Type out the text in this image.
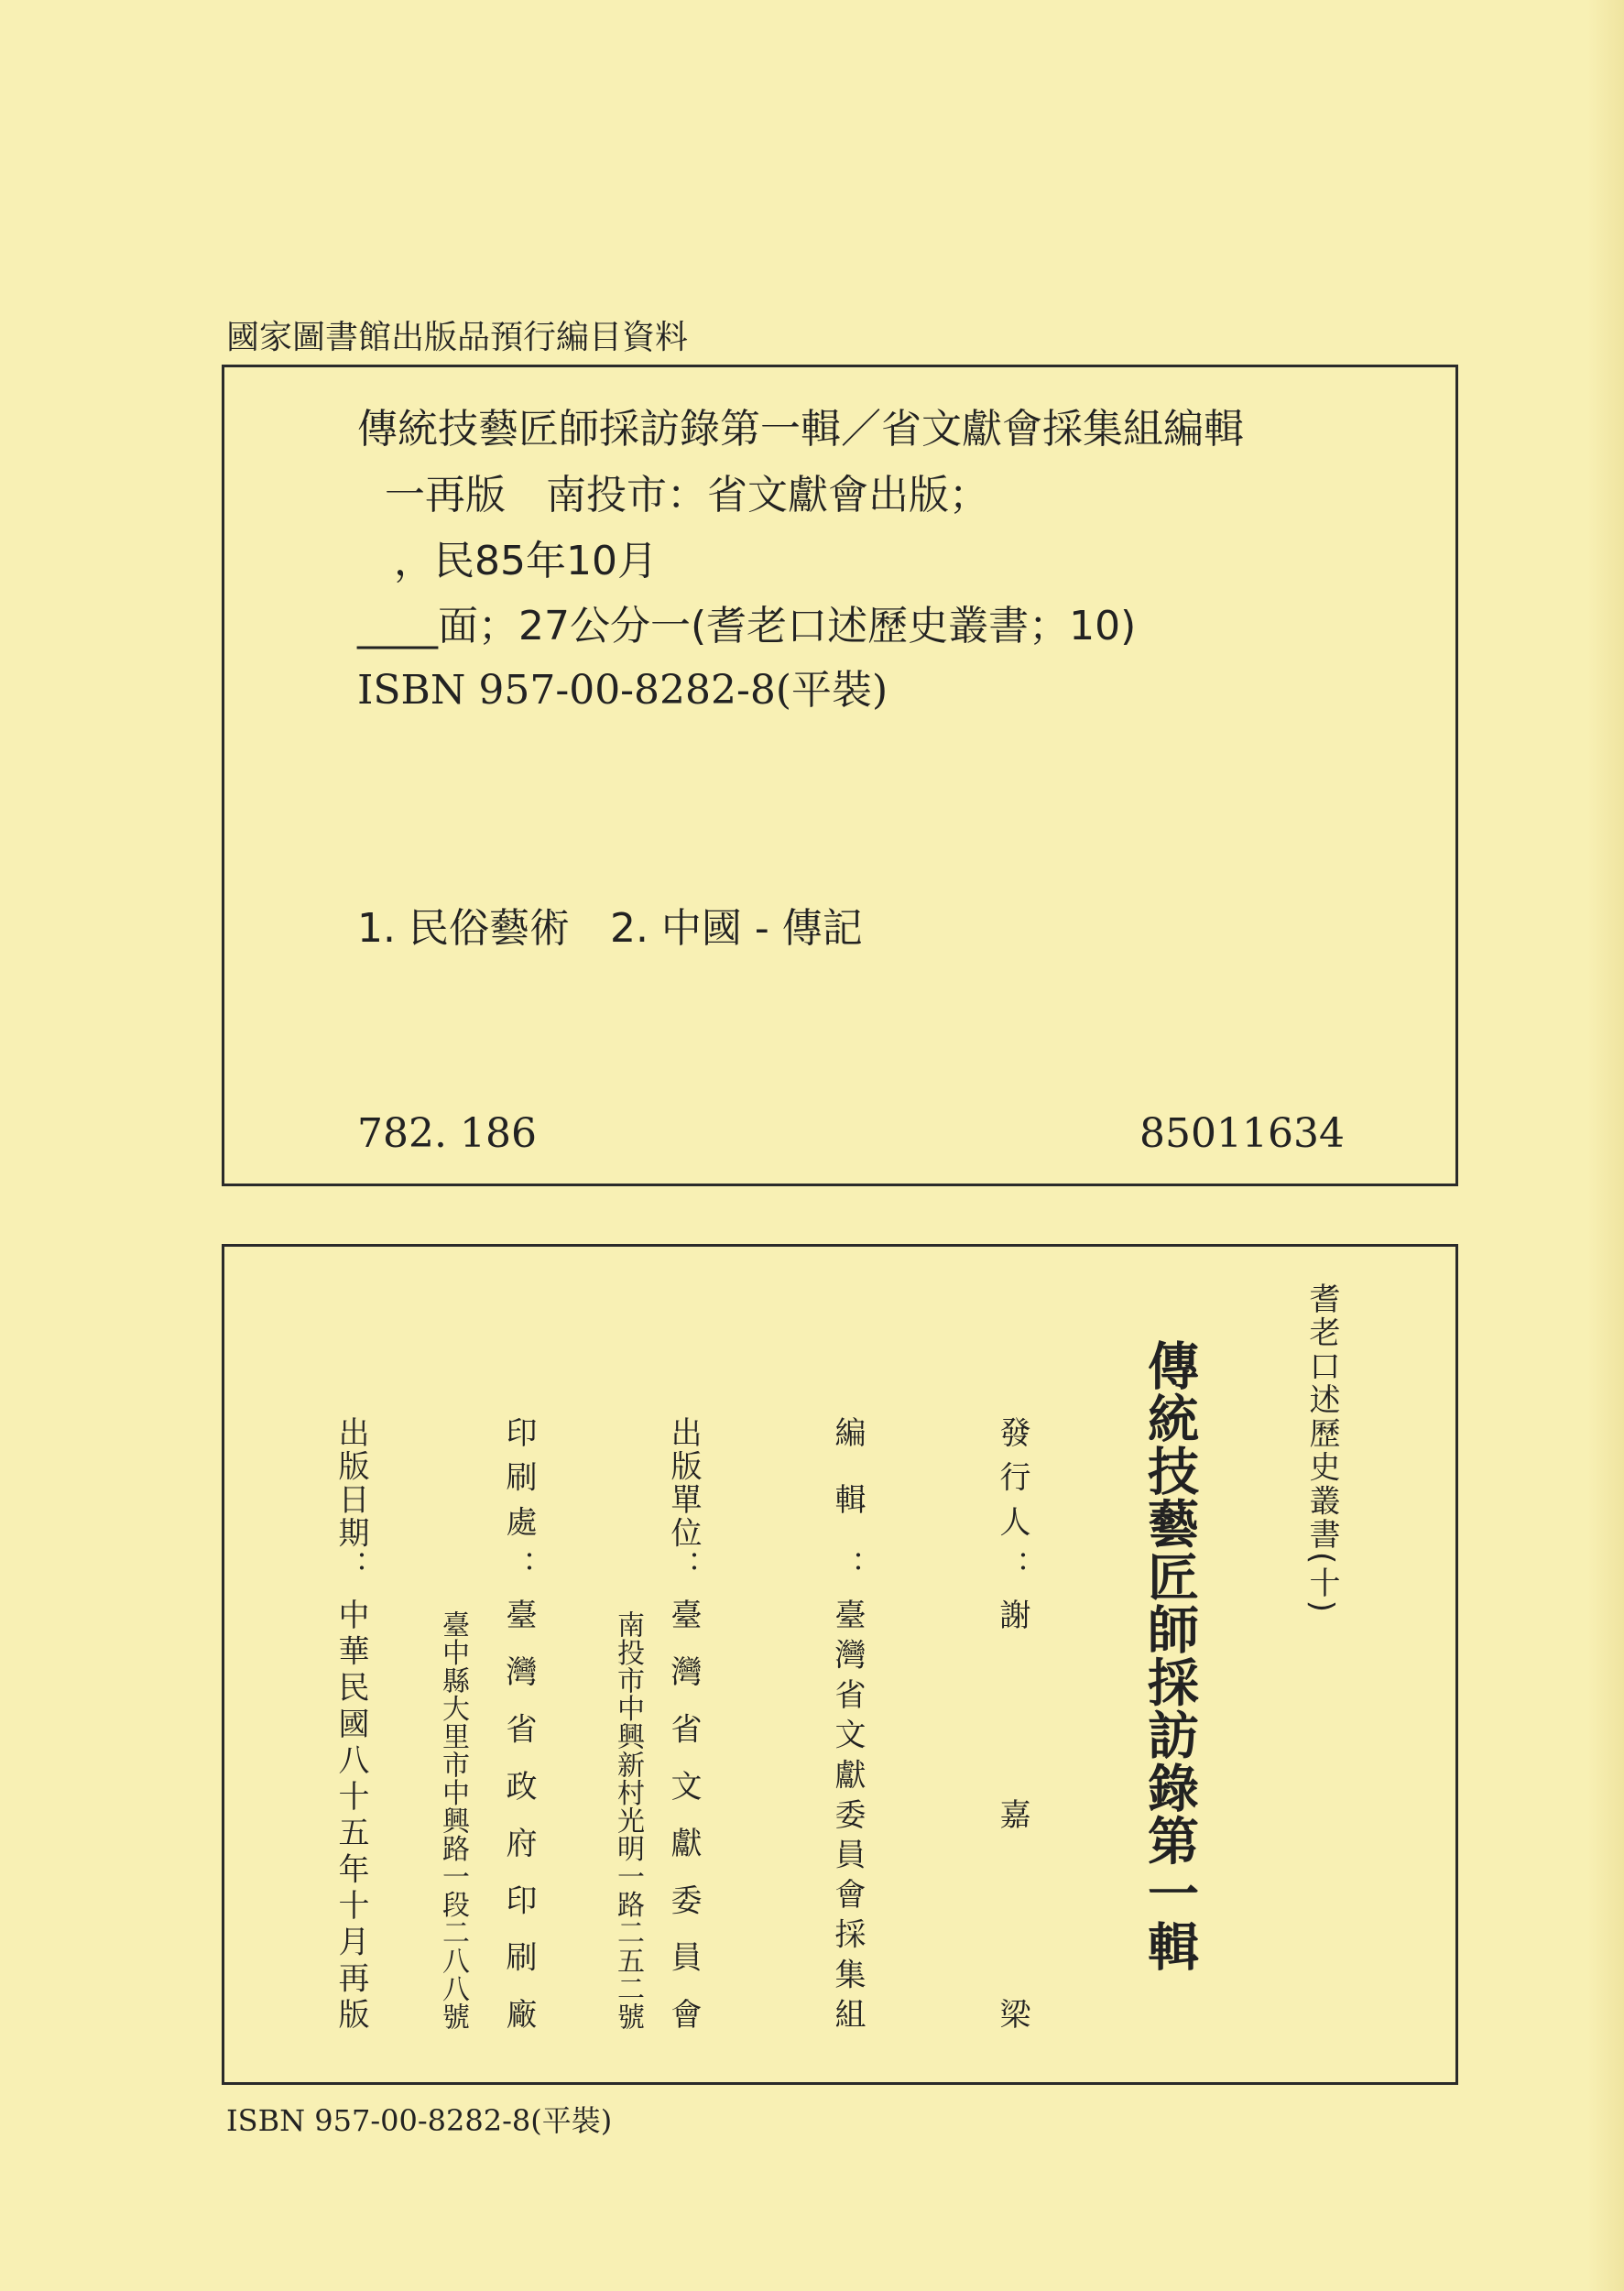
國家圖書館出版品預行編目資料
傳統技藝匠師採訪錄第一輯／省文獻會採集組編輯
一再版　南投市：省文獻會出版；
，民85年10月
____面；27公分一(耆老口述歷史叢書；10)
ISBN 957-00-8282-8(平裝)
1. 民俗藝術　2. 中國 - 傳記
782. 186	85011634
耆老口述歷史叢書(十)
傳統技藝匠師採訪錄第一輯
發行人：
謝嘉梁
編輯：
臺灣省文獻委員會採集組
出版單位：
臺灣省文獻委員會
南投市中興新村光明一路二五二號
印刷處：
臺灣省政府印刷廠
臺中縣大里市中興路一段二八八號
出版日期：
中華民國八十五年十月再版
ISBN 957-00-8282-8(平裝)
